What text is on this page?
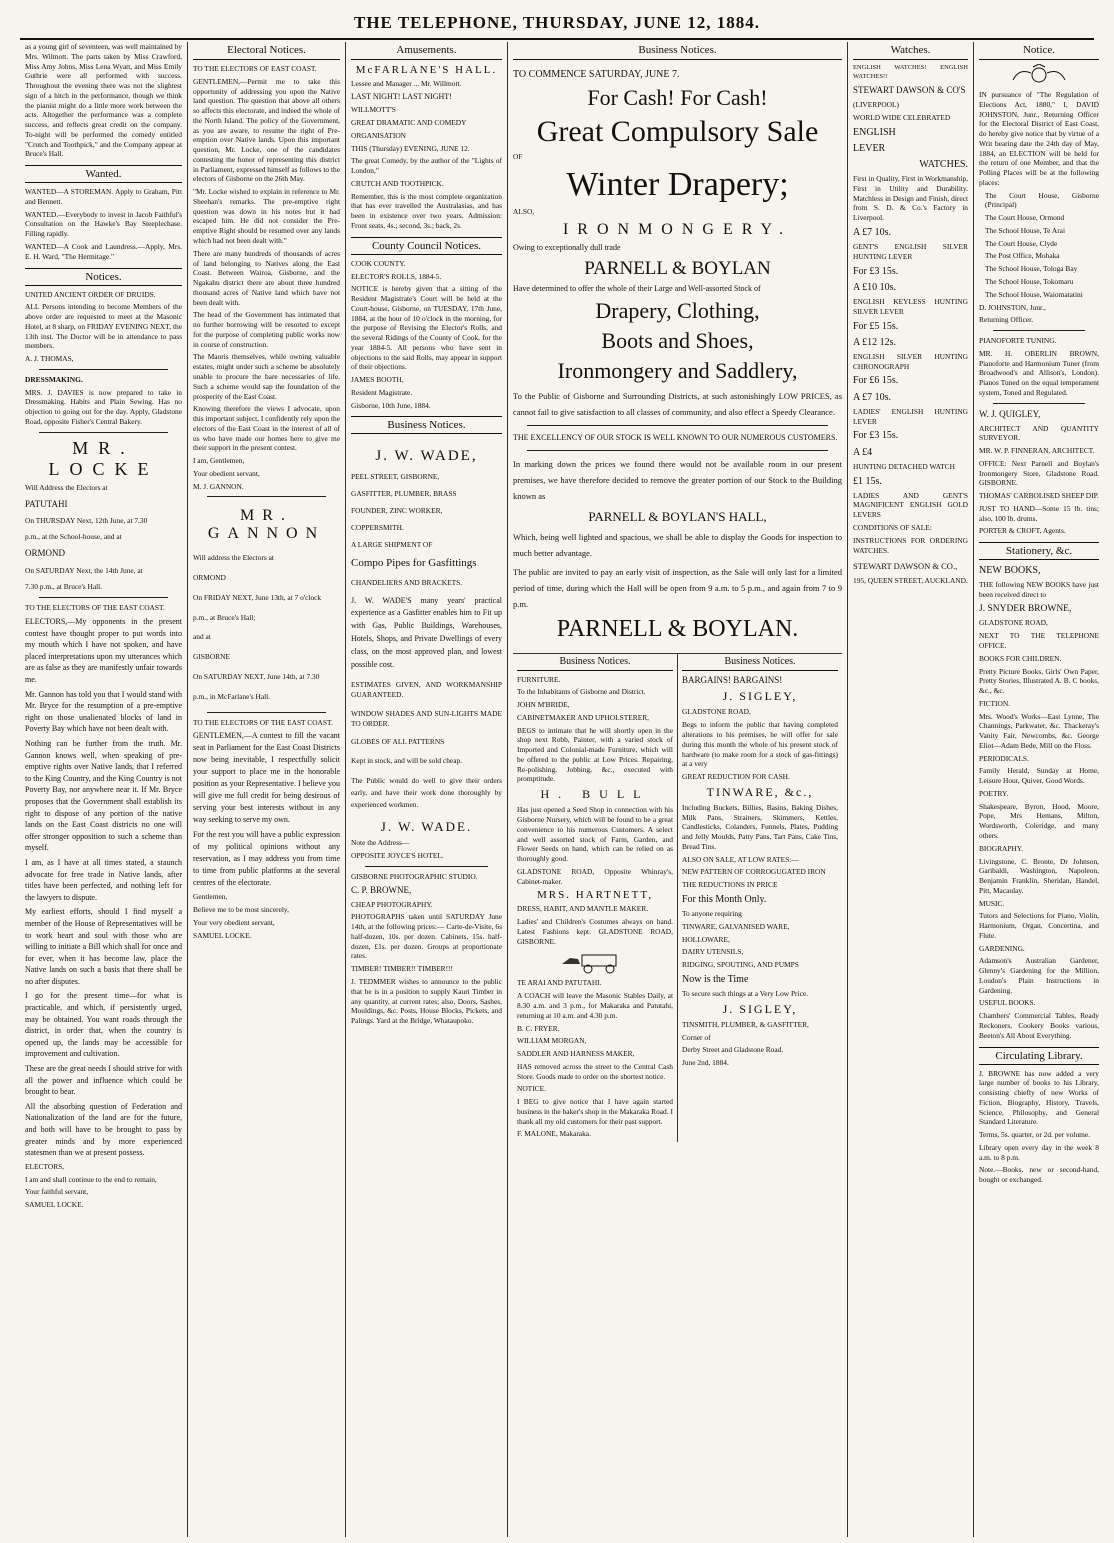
THE TELEPHONE, THURSDAY, JUNE 12, 1884.

as a young girl of seventeen, was well maintained by Mrs. Wilmott. The parts taken by Miss Crawford, Miss Amy Johns, Miss Lena Wyatt, and Miss Emily Guthrie were all performed with success. Throughout the evening there was not the slightest sign of a hitch in the performance, though we think the pianist might do a little more work between the acts. Altogether the performance was a complete success, and reflects great credit on the company. To-night will be performed the comedy entitled "Crutch and Toothpick," and the Company appear at Bruce's Hall.

Wanted.

WANTED—A STOREMAN. Apply to Graham, Pitt and Bennett.

WANTED.—Everybody to invest in Jacob Faithful's Consultation on the Hawke's Bay Steeplechase. Filling rapidly.

WANTED—A Cook and Laundress.—Apply, Mrs. E. H. Ward, "The Hermitage."

Notices.

UNITED ANCIENT ORDER OF DRUIDS.

ALL Persons intending to become Members of the above order are requested to meet at the Masonic Hotel, at 8 sharp, on FRIDAY EVENING NEXT, the 13th inst. The Doctor will be in attendance to pass members.

A. J. THOMAS,

DRESSMAKING.

MRS. J. DAVIES is now prepared to take in Dressmaking. Habits and Plain Sewing. Has no objection to going out for the day. Apply, Gladstone Road, opposite Fisher's Central Bakery.

MR. LOCKE

Will Address the Electors at

PATUTAHI

On THURSDAY Next, 12th June, at 7.30

p.m., at the School-house, and at

ORMOND

On SATURDAY Next, the 14th June, at

7.30 p.m., at Bruce's Hall.

TO THE ELECTORS OF THE EAST COAST.

ELECTORS,—My opponents in the present contest have thought proper to put words into my mouth which I have not spoken, and have placed interpretations upon my utterances which are as false as they are manifestly unfair towards me.

Mr. Gannon has told you that I would stand with Mr. Bryce for the resumption of a pre-emptive right on those unalienated blocks of land in Poverty Bay which have not been dealt with.

Nothing can be further from the truth. Mr. Gannon knows well, when speaking of pre-emptive rights over Native lands, that I referred to the King Country, and the King Country is not Poverty Bay, nor anywhere near it. If Mr. Bryce proposes that the Government shall establish its right to dispose of any portion of the native lands on the East Coast districts no one will offer stronger opposition to such a scheme than myself.

I am, as I have at all times stated, a staunch advocate for free trade in Native lands, after titles have been perfected, and nothing left for the lawyers to dispute.

My earliest efforts, should I find myself a member of the House of Representatives will be to work heart and soul with those who are willing to initiate a Bill which shall for once and for ever, when it has become law, place the Native lands on such a basis that there shall be no after disputes.

I go for the present time—for what is practicable, and which, if persistently urged, may be obtained. You want roads through the district, in order that, when the country is opened up, the lands may be accessible for improvement and cultivation.

These are the great needs I should strive for with all the power and influence which could be brought to bear.

All the absorbing question of Federation and Nationalization of the land are for the future, and both will have to be brought to pass by greater minds and by more experienced statesmen than we at present possess.

ELECTORS,

I am and shall continue to the end to remain,

Your faithful servant,

SAMUEL LOCKE.

Electoral Notices.

TO THE ELECTORS OF EAST COAST.

GENTLEMEN,—Permit me to take this opportunity of addressing you upon the Native land question. The question that above all others so affects this electorate, and indeed the whole of the North Island. The policy of the Government, as you are aware, to resume the right of Pre-emption over Native lands. Upon this important question, Mr. Locke, one of the candidates contesting the honor of representing this district in Parliament, expressed himself as follows to the electors of Gisborne on the 26th May.

"Mr. Locke wished to explain in reference to Mr. Sheehan's remarks. The pre-emptive right question was down in his notes but it had escaped him. He did not consider the Pre-emptive Right should be resumed over any lands which had not been dealt with."

There are many hundreds of thousands of acres of land belonging to Natives along the East Coast. Between Wairoa, Gisborne, and the Ngakahu district there are about three hundred thousand acres of Native land which have not been dealt with.

The head of the Government has intimated that no further borrowing will be resorted to except for the purpose of completing public works now in course of construction.

The Maoris themselves, while owning valuable estates, might under such a scheme be absolutely unable to procure the bare necessaries of life. Such a scheme would sap the foundation of the prosperity of the East Coast.

Knowing therefore the views I advocate, upon this important subject, I confidently rely upon the electors of the East Coast in the interest of all of us who have made our homes here to give me their support in the present contest.

I am, Gentlemen,

Your obedient servant,

M. J. GANNON.

MR. GANNON

Will address the Electors at

ORMOND

On FRIDAY NEXT, June 13th, at 7 o'clock

p.m., at Bruce's Hall;

and at

GISBORNE

On SATURDAY NEXT, June 14th, at 7.30

p.m., in McFarlane's Hall.

TO THE ELECTORS OF THE EAST COAST.

GENTLEMEN,—A contest to fill the vacant seat in Parliament for the East Coast Districts now being inevitable, I respectfully solicit your support to place me in the honorable position as your Representative. I believe you will give me full credit for being desirous of serving your best interests without in any way seeking to serve my own.

For the rest you will have a public expression of my political opinions without any reservation, as I may address you from time to time from public platforms at the several centres of the electorate.

Gentlemen,

Believe me to be most sincerely,

Your very obedient servant,

SAMUEL LOCKE.

Amusements.
McFARLANE'S HALL.

Lessee and Manager ... Mr. Willmott.

LAST NIGHT! LAST NIGHT!

WILLMOTT'S

GREAT DRAMATIC AND COMEDY

ORGANISATION

THIS (Thursday) EVENING, JUNE 12.

The great Comedy, by the author of the "Lights of London,"

CRUTCH AND TOOTHPICK.

Remember, this is the most complete organization that has ever travelled the Australasias, and has been in existence over two years. Admission: Front seats, 4s.; second, 3s.; back, 2s.

County Council Notices.

COOK COUNTY.

ELECTOR'S ROLLS, 1884-5.

NOTICE is hereby given that a sitting of the Resident Magistrate's Court will be held at the Court-house, Gisborne, on TUESDAY, 17th June, 1884, at the hour of 10 o'clock in the morning, for the purpose of Revising the Elector's Rolls, and the several Ridings of the County of Cook, for the year 1884-5. All persons who have sent in objections to the said Rolls, may appear in support of their objections.

JAMES BOOTH,

Resident Magistrate.

Gisborne, 10th June, 1884.

Business Notices.
J. W. WADE,

PEEL STREET, GISBORNE,

GASFITTER, PLUMBER, BRASS

FOUNDER, ZINC WORKER,

COPPERSMITH.

A LARGE SHIPMENT OF

Compo Pipes for Gasfittings

CHANDELIERS AND BRACKETS.

J. W. WADE'S many years' practical experience as a Gasfitter enables him to Fit up with Gas, Public Buildings, Warehouses, Hotels, Shops, and Private Dwellings of every class, on the most approved plan, and lowest possible cost.

ESTIMATES GIVEN, AND WORKMANSHIP GUARANTEED.

WINDOW SHADES AND SUN-LIGHTS MADE TO ORDER.

GLOBES OF ALL PATTERNS

Kept in stock, and will be sold cheap.

The Public would do well to give their orders early, and have their work done thoroughly by experienced workmen.

J. W. WADE.

Note the Address—

OPPOSITE JOYCE'S HOTEL.

GISBORNE PHOTOGRAPHIC STUDIO.

C. P. BROWNE,

CHEAP PHOTOGRAPHY.

PHOTOGRAPHS taken until SATURDAY June 14th, at the following prices:— Carte-de-Visite, 6s half-dozen, 10s. per dozen. Cabinets, 15s. half-dozen, £1s. per dozen. Groups at proportionate rates.

TIMBER! TIMBER!! TIMBER!!!

J. TEDMMER wishes to announce to the public that he is in a position to supply Kauri Timber in any quantity, at current rates; also, Doors, Sashes, Mouldings, &c. Posts, House Blocks, Pickets, and Palings. Yard at the Bridge, Whataupoko.

Business Notices.

TO COMMENCE SATURDAY, JUNE 7.

For Cash! For Cash!
Great Compulsory Sale

OF

Winter Drapery;

ALSO,

IRONMONGERY.

Owing to exceptionally dull trade

PARNELL & BOYLAN

Have determined to offer the whole of their Large and Well-assorted Stock of

Drapery, Clothing,
Boots and Shoes,
Ironmongery and Saddlery,

To the Public of Gisborne and Surrounding Districts, at such astonishingly LOW PRICES, as cannot fail to give satisfaction to all classes of community, and also effect a Speedy Clearance.

THE EXCELLENCY OF OUR STOCK IS WELL KNOWN TO OUR NUMEROUS CUSTOMERS.

In marking down the prices we found there would not be available room in our present premises, we have therefore decided to remove the greater portion of our Stock to the Building known as

PARNELL & BOYLAN'S HALL,

Which, being well lighted and spacious, we shall be able to display the Goods for inspection to much better advantage.

The public are invited to pay an early visit of inspection, as the Sale will only last for a limited period of time, during which the Hall will be open from 9 a.m. to 5 p.m., and again from 7 to 9 p.m.

PARNELL & BOYLAN.
Business Notices.

FURNITURE.

To the Inhabitants of Gisborne and District.

JOHN M'BRIDE,

CABINETMAKER AND UPHOLSTERER,

BEGS to intimate that he will shortly open in the shop next Robb, Painter, with a varied stock of Imported and Colonial-made Furniture, which will be offered to the public at Low Prices. Repairing, Re-polishing, Jobbing, &c., executed with promptitude.

H. BULL

Has just opened a Seed Shop in connection with his Gisborne Nursery, which will be found to be a great convenience to his numerous Customers. A select and well assorted stock of Farm, Garden, and Flower Seeds on hand, which can be relied on as thoroughly good.

GLADSTONE ROAD, Opposite Whinray's, Cabinet-maker.

MRS. HARTNETT,

DRESS, HABIT, AND MANTLE MAKER.

Ladies' and Children's Costumes always on hand. Latest Fashions kept. GLADSTONE ROAD, GISBORNE.

TE ARAI AND PATUTAHI.

A COACH will leave the Masonic Stables Daily, at 8.30 a.m. and 3 p.m., for Makaraka and Patutahi, returning at 10 a.m. and 4.30 p.m.

B. C. FRYER.

WILLIAM MORGAN,

SADDLER AND HARNESS MAKER,

HAS removed across the street to the Central Cash Store. Goods made to order on the shortest notice.

NOTICE.

I BEG to give notice that I have again started business in the baker's shop in the Makaraka Road. I thank all my old customers for their past support.

F. MALONE, Makaraka.

Business Notices.

BARGAINS! BARGAINS!

J. SIGLEY,

GLADSTONE ROAD,

Begs to inform the public that having completed alterations to his premises, he will offer for sale during this month the whole of his present stock of hardware (to make room for a stock of gas-fittings) at a very

GREAT REDUCTION FOR CASH.

TINWARE, &c.,

Including Buckets, Billies, Basins, Baking Dishes, Milk Pans, Strainers, Skimmers, Kettles, Candlesticks, Colanders, Funnels, Plates, Pudding and Jelly Moulds, Patty Pans, Tart Pans, Cake Tins, Bread Tins.

ALSO ON SALE, AT LOW RATES:—

NEW PATTERN OF CORROGUGATED IRON

THE REDUCTIONS IN PRICE

For this Month Only.

To anyone requiring

TINWARE, GALVANISED WARE,

HOLLOWARE,

DAIRY UTENSILS,

RIDGING, SPOUTING, AND PUMPS

Now is the Time

To secure such things at a Very Low Price.

J. SIGLEY,

TINSMITH, PLUMBER, & GASFITTER,

Corner of

Derby Street and Gladstone Road.

June 2nd, 1884.

Watches.

ENGLISH WATCHES! ENGLISH WATCHES!!

STEWART DAWSON & CO'S

(LIVERPOOL)

WORLD WIDE CELEBRATED

ENGLISH

LEVER

WATCHES.

First in Quality, First in Workmanship, First in Utility and Durability. Matchless in Design and Finish, direct from S. D. & Co.'s Factory in Liverpool.

A £7 10s.

GENT'S ENGLISH SILVER HUNTING LEVER

For £3 15s.

A £10 10s.

ENGLISH KEYLESS HUNTING SILVER LEVER

For £5 15s.

A £12 12s.

ENGLISH SILVER HUNTING CHRONOGRAPH

For £6 15s.

A £7 10s.

LADIES' ENGLISH HUNTING LEVER

For £3 15s.

A £4

HUNTING DETACHED WATCH

£1 15s.

LADIES AND GENT'S MAGNIFICENT ENGLISH GOLD LEVERS

CONDITIONS OF SALE:

INSTRUCTIONS FOR ORDERING WATCHES.

STEWART DAWSON & CO.,

195, QUEEN STREET, AUCKLAND.

Notice.

IN pursuance of "The Regulation of Elections Act, 1880," I, DAVID JOHNSTON, Junr., Returning Officer for the Electoral District of East Coast, do hereby give notice that by virtue of a Writ bearing date the 24th day of May, 1884, an ELECTION will be held for the return of one Member, and that the Polling Places will be at the following places:

The Court House, Gisborne (Principal)

The Court House, Ormond

The School House, Te Arai

The Court House, Clyde

The Post Office, Mohaka

The School House, Tologa Bay

The School House, Tokomaru

The School House, Waiomatatini

D. JOHNSTON, Junr.,

Returning Officer.

PIANOFORTE TUNING.

MR. H. OBERLIN BROWN, Pianoforte and Harmonium Tuner (from Broadwood's and Allison's, London). Pianos Tuned on the equal temperament system, Toned and Regulated.

W. J. QUIGLEY,

ARCHITECT AND QUANTITY SURVEYOR.

MR. W. P. FINNERAN, ARCHITECT.

OFFICE: Next Parnell and Boylan's Ironmongery Store, Gladstone Road. GISBORNE.

THOMAS' CARBOLISED SHEEP DIP.

JUST TO HAND—Some 15 lb. tins; also, 100 lb. drums.

PORTER & CROFT, Agents.

Stationery, &c.

NEW BOOKS,

THE following NEW BOOKS have just been received direct to

J. SNYDER BROWNE,

GLADSTONE ROAD,

NEXT TO THE TELEPHONE OFFICE.

BOOKS FOR CHILDREN.

Pretty Picture Books, Girls' Own Paper, Pretty Stories, Illustrated A. B. C books, &c., &c.

FICTION.

Mrs. Wood's Works—East Lynne, The Channings, Parkwater, &c. Thackeray's Vanity Fair, Newcombs, &c. George Eliot—Adam Bede, Mill on the Floss.

PERIODICALS.

Family Herald, Sunday at Home, Leisure Hour, Quiver, Good Words.

POETRY.

Shakespeare, Byron, Hood, Moore, Pope, Mrs Hemans, Milton, Wordsworth, Coleridge, and many others.

BIOGRAPHY.

Livingstone, C. Bronte, Dr Johnson, Garibaldi, Washington, Napoleon, Benjamin Franklin, Sheridan, Handel, Pitt, Macaulay.

MUSIC.

Tutors and Selections for Piano, Violin, Harmonium, Organ, Concertina, and Flute.

GARDENING.

Adamson's Australian Gardener, Glenny's Gardening for the Million, Loudon's Plain Instructions in Gardening.

USEFUL BOOKS.

Chambers' Commercial Tables, Ready Reckoners, Cookery Books various, Beeton's All About Everything.

Circulating Library.

J. BROWNE has now added a very large number of books to his Library, consisting chiefly of new Works of Fiction, Biography, History, Travels, Science, Philosophy, and General Standard Literature.

Terms, 5s. quarter, or 2d. per volume.

Library open every day in the week 8 a.m. to 8 p.m.

Note.—Books, new or second-hand, bought or exchanged.
